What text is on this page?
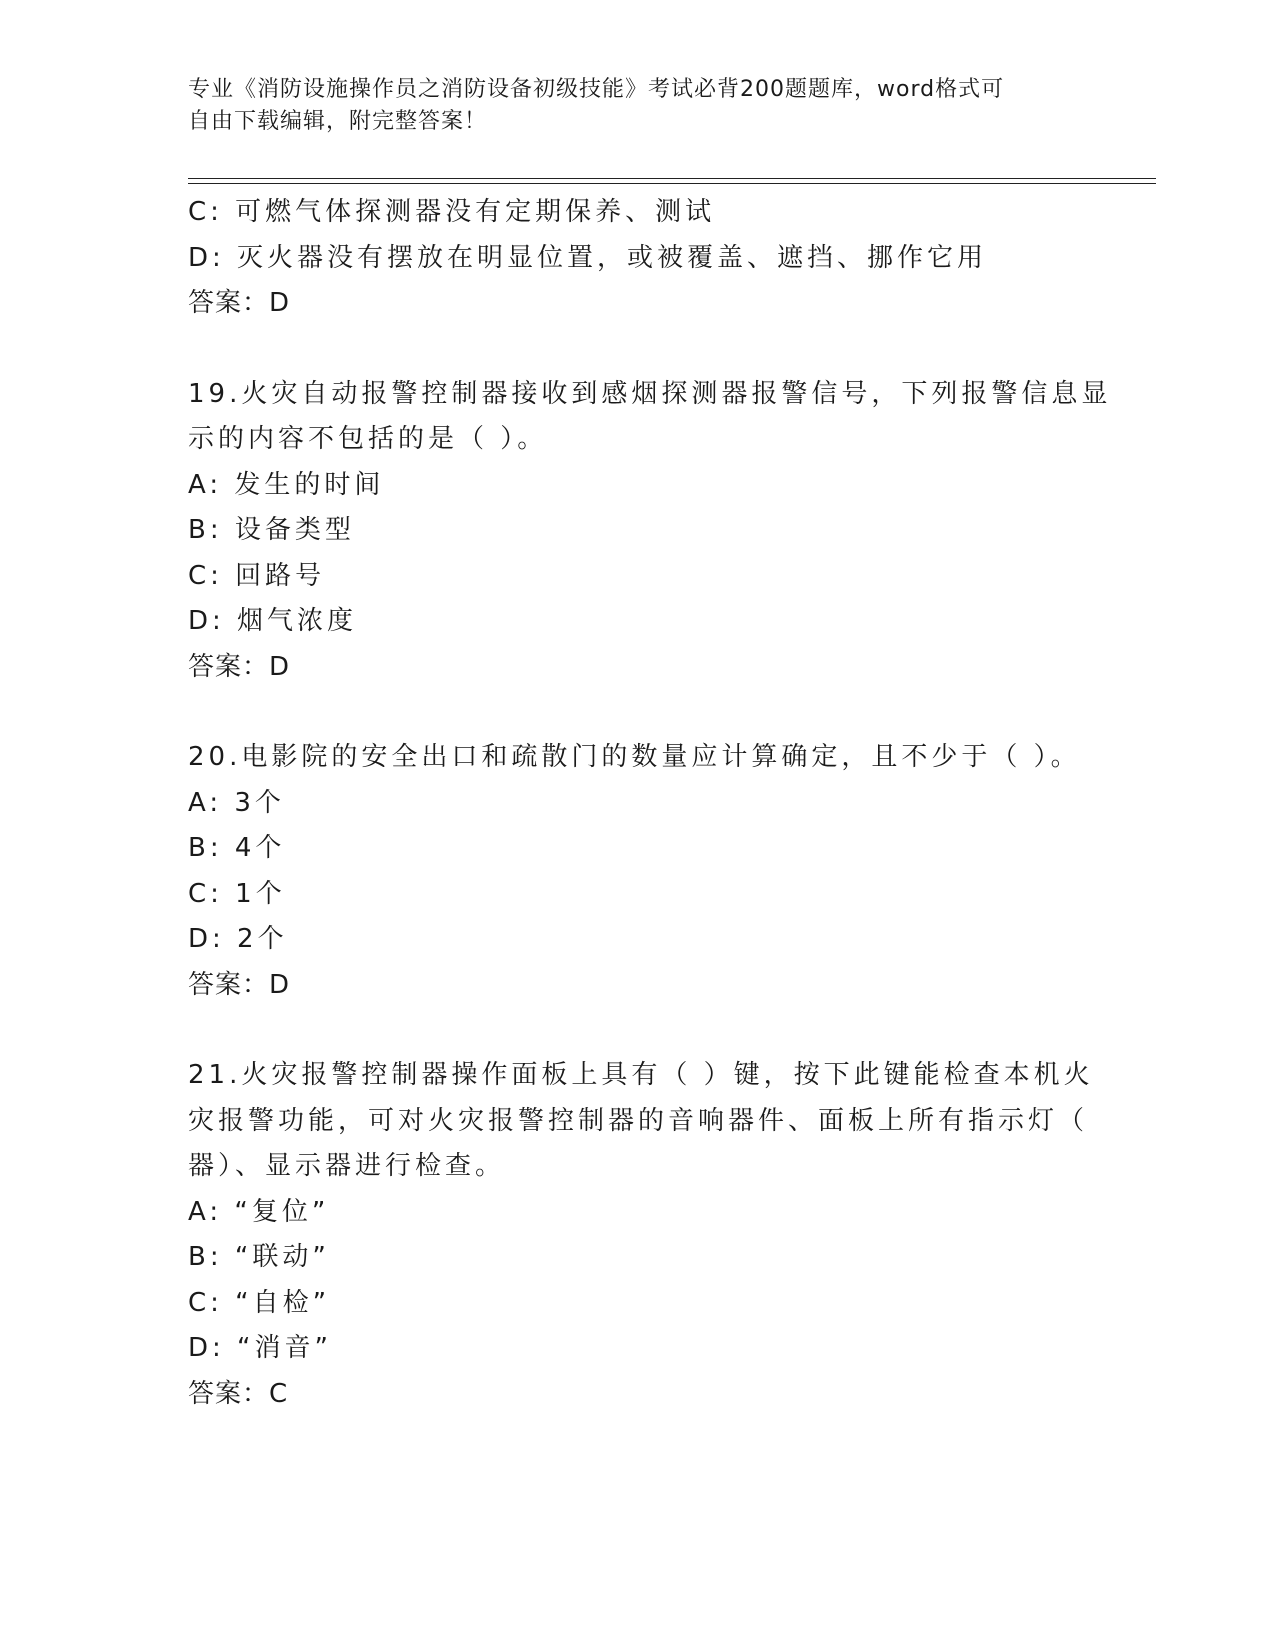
专业《消防设施操作员之消防设备初级技能》考试必背200题题库，word格式可
自由下载编辑，附完整答案！
C: 可燃气体探测器没有定期保养、测试
D: 灭火器没有摆放在明显位置，或被覆盖、遮挡、挪作它用
答案：D
19.火灾自动报警控制器接收到感烟探测器报警信号，下列报警信息显
示的内容不包括的是（ ）。
A: 发生的时间
B: 设备类型
C: 回路号
D: 烟气浓度
答案：D
20.电影院的安全出口和疏散门的数量应计算确定，且不少于（ ）。
A: 3个
B: 4个
C: 1个
D: 2个
答案：D
21.火灾报警控制器操作面板上具有（ ）键，按下此键能检查本机火
灾报警功能，可对火灾报警控制器的音响器件、面板上所有指示灯（
器）、显示器进行检查。
A: “复位”
B: “联动”
C: “自检”
D: “消音”
答案：C
